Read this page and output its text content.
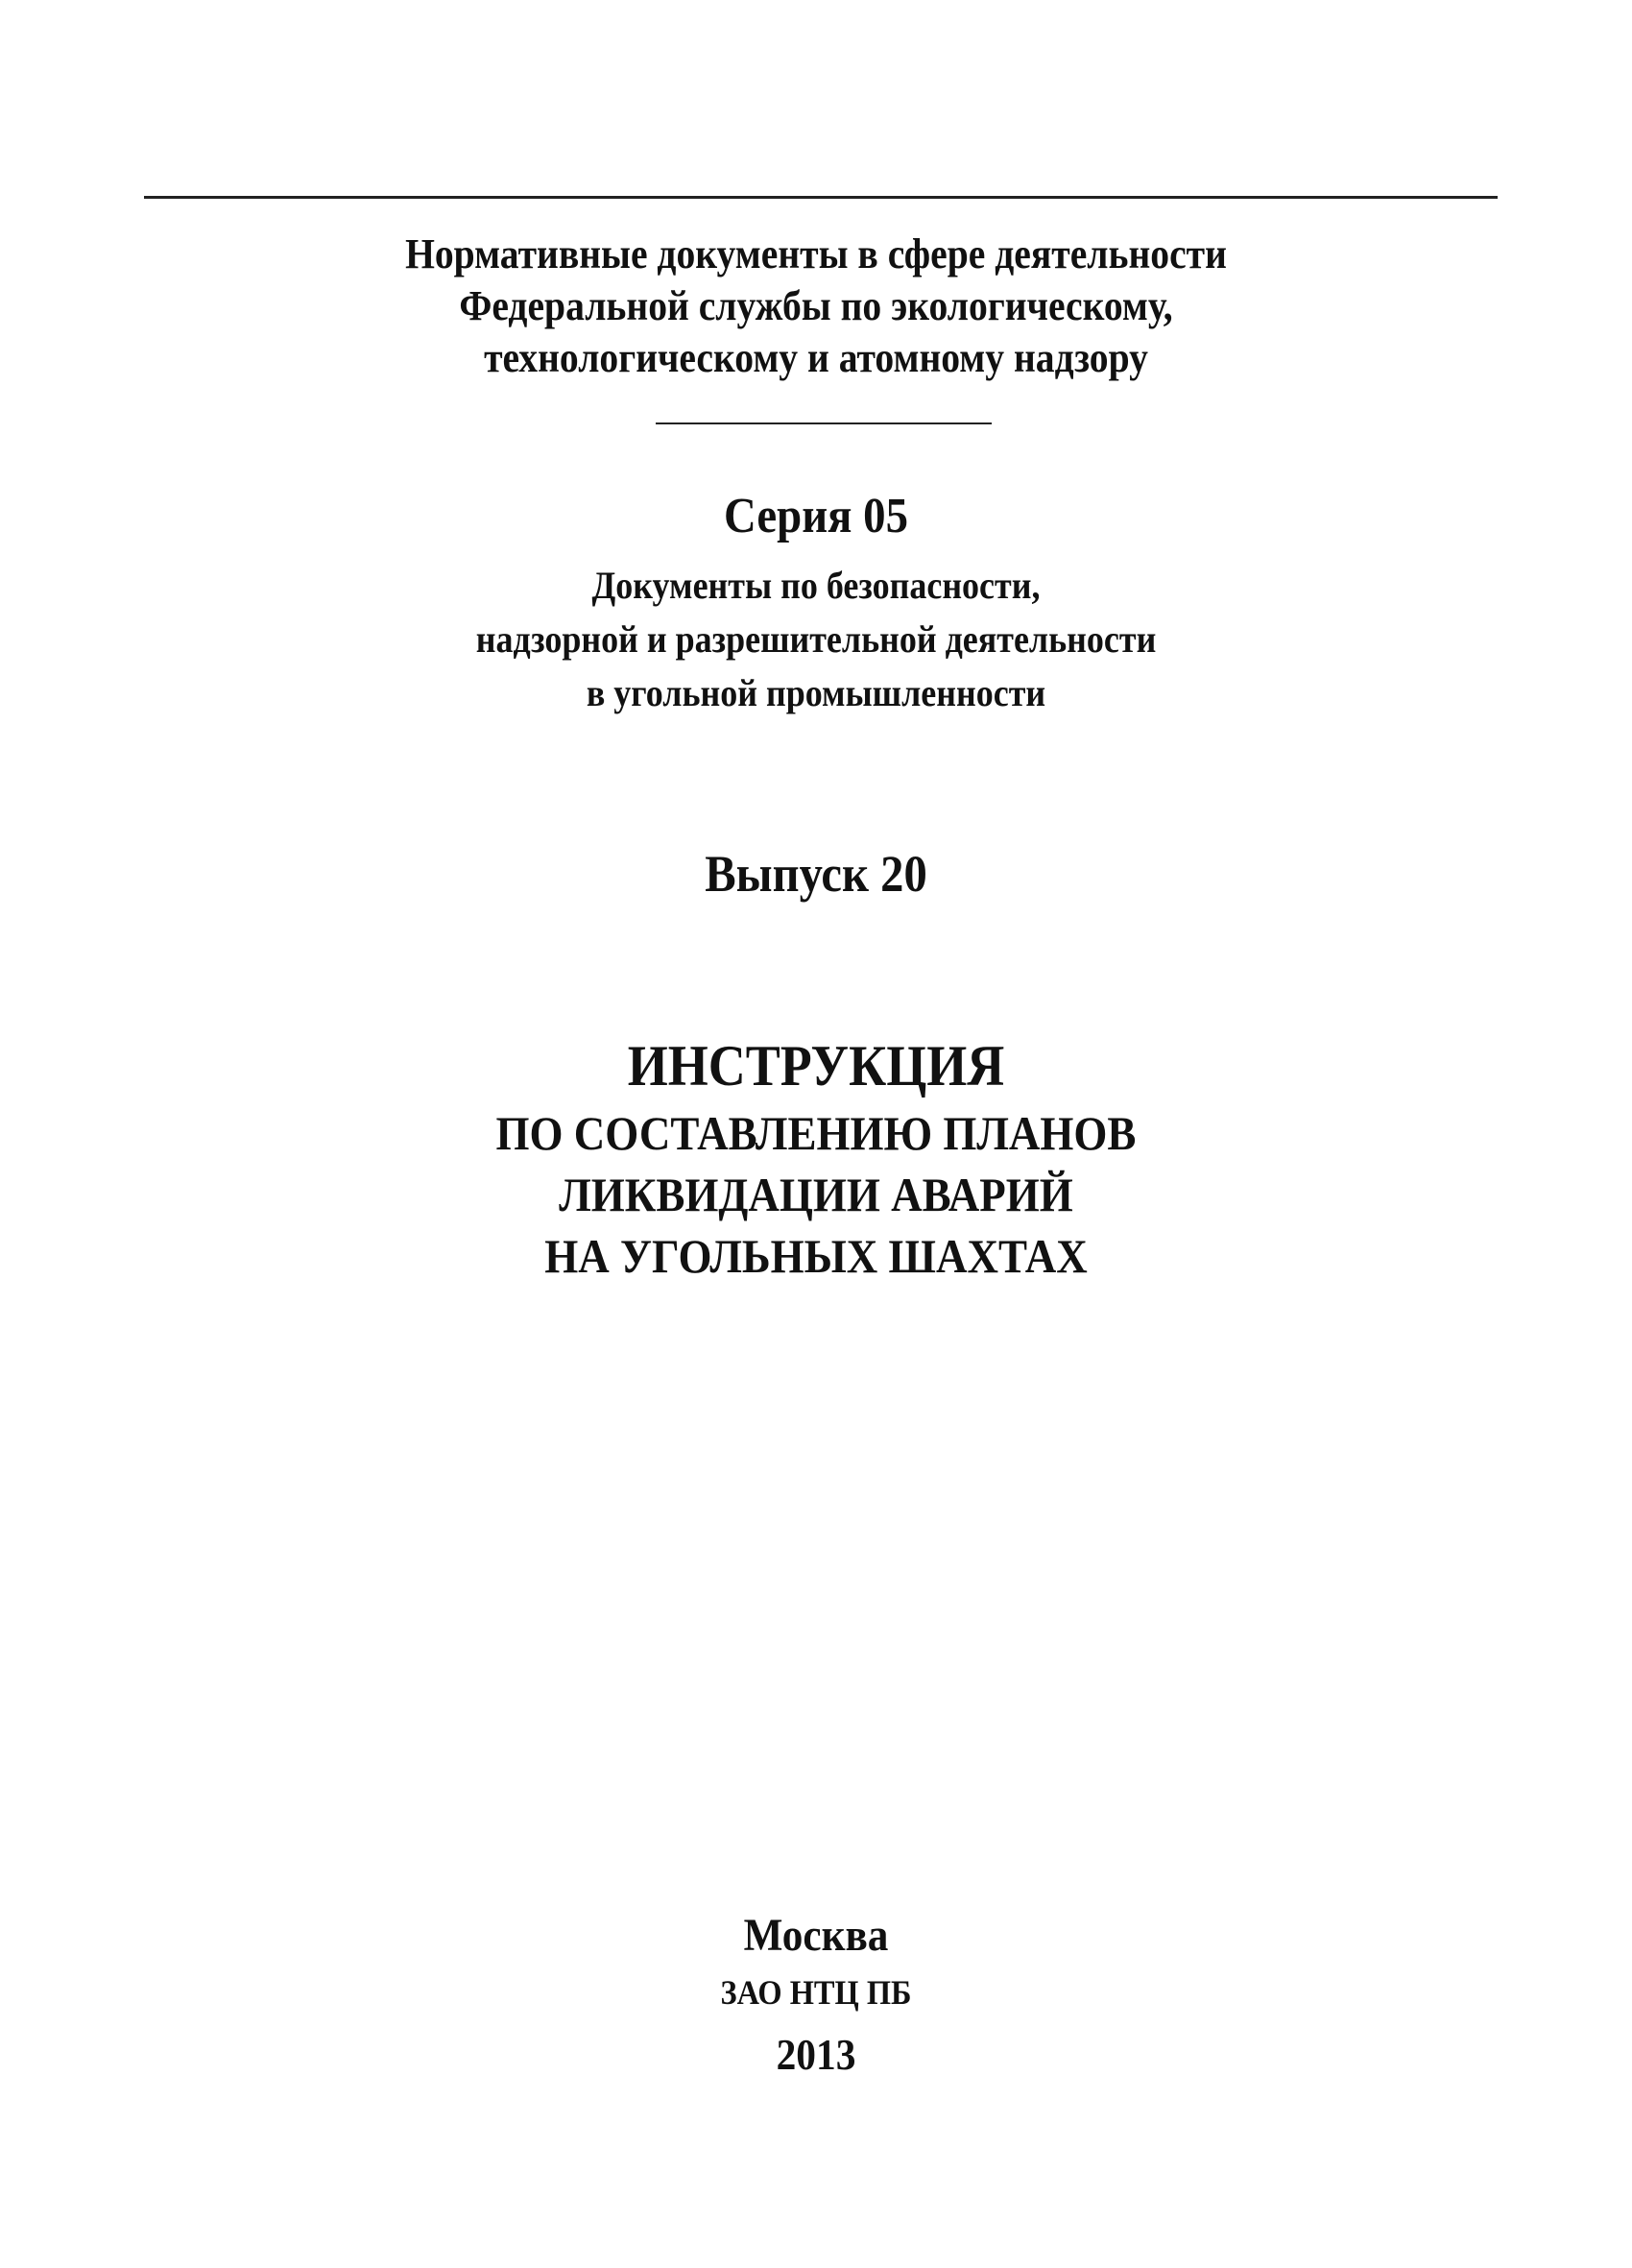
Нормативные документы в сфере деятельности
Федеральной службы по экологическому,
технологическому и атомному надзору
Серия 05
Документы по безопасности,
надзорной и разрешительной деятельности
в угольной промышленности
Выпуск 20
ИНСТРУКЦИЯ
ПО СОСТАВЛЕНИЮ ПЛАНОВ
ЛИКВИДАЦИИ АВАРИЙ
НА УГОЛЬНЫХ ШАХТАХ
Москва
ЗАО НТЦ ПБ
2013
